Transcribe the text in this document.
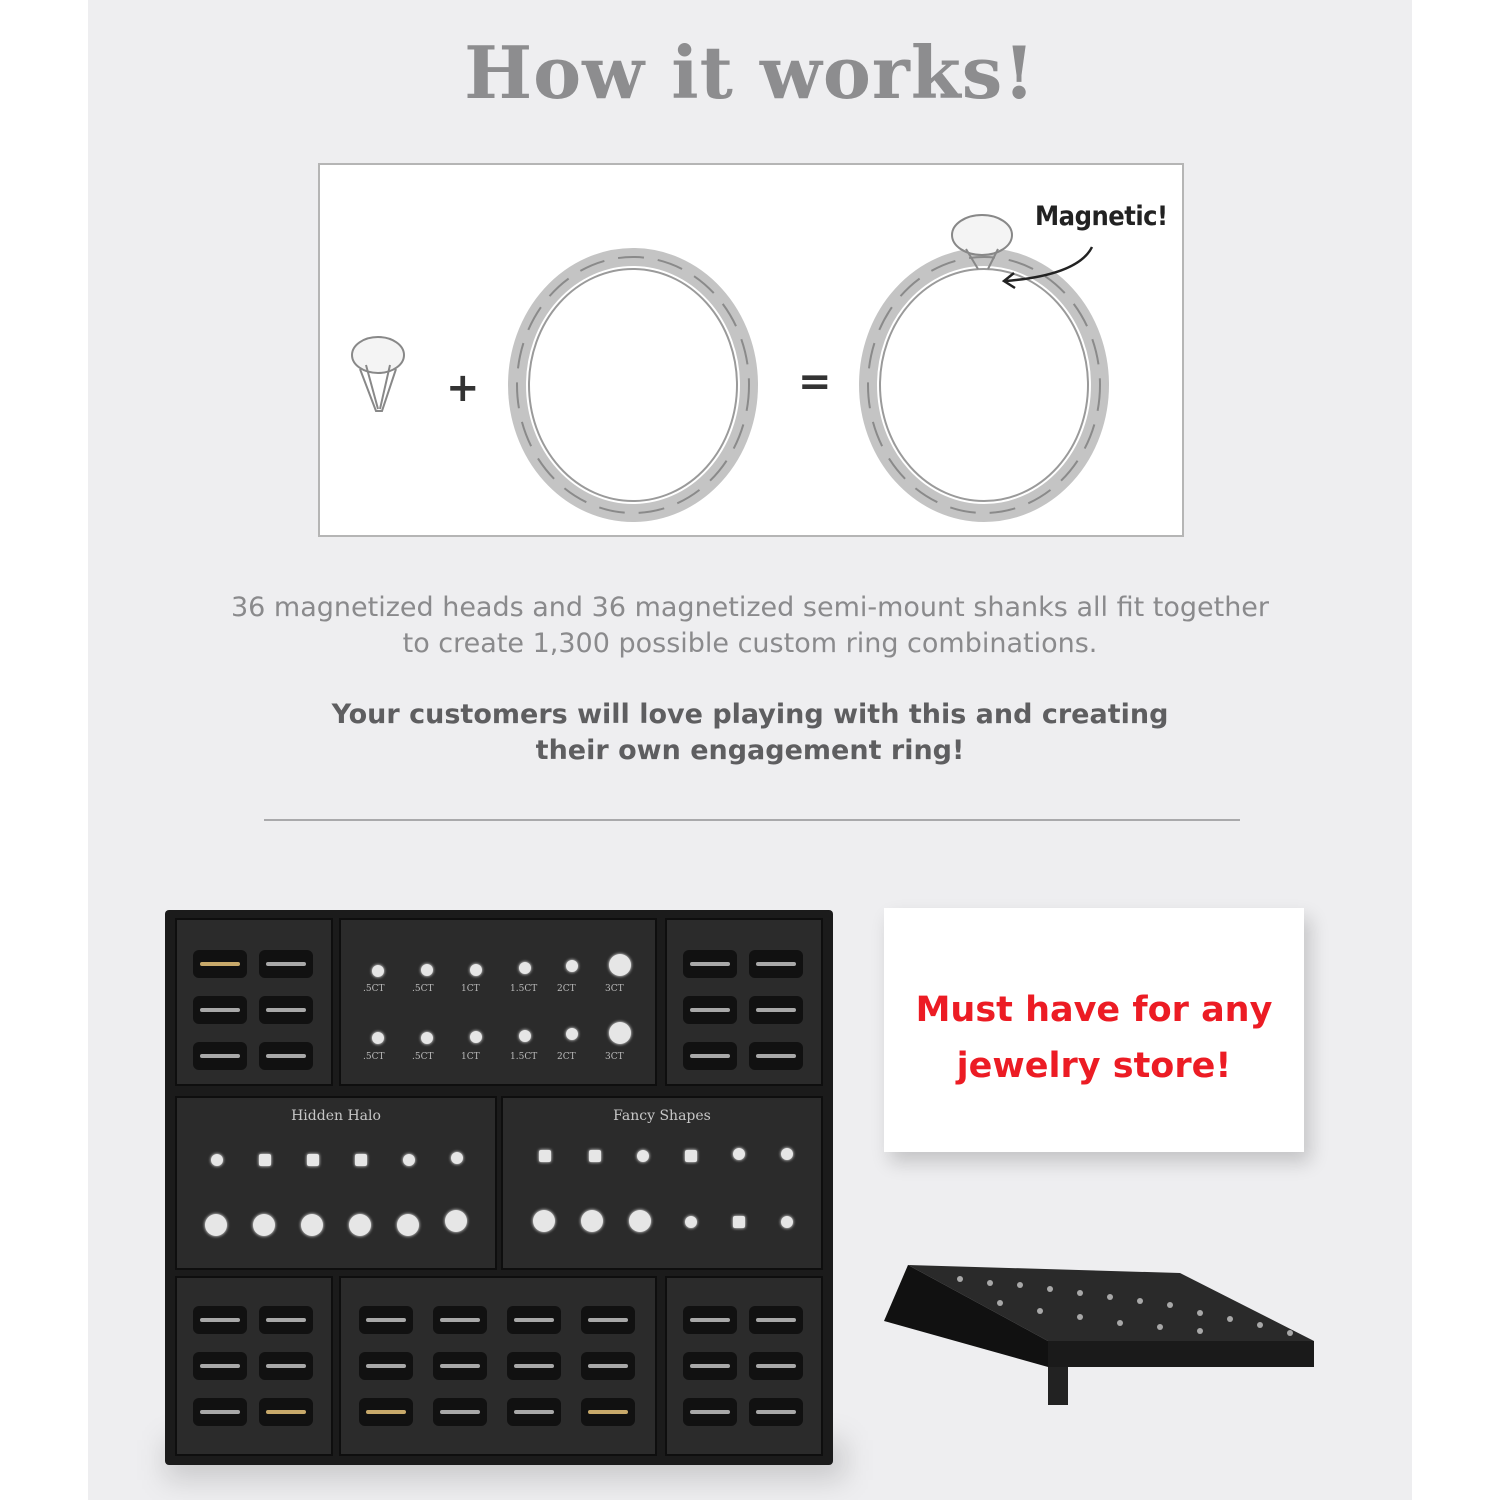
How it works!
Magnetic!
+	=

36 magnetized heads and 36 magnetized semi-mount shanks all fit together to create 1,300 possible custom ring combinations.

Your customers will love playing with this and creating their own engagement ring!

.5CT	.5CT	1CT	1.5CT 2CT	3CT
.5CT	.5CT	1CT	1.5CT 2CT	3CT
Hidden Halo	Fancy Shapes
Must have for any jewelry store!
